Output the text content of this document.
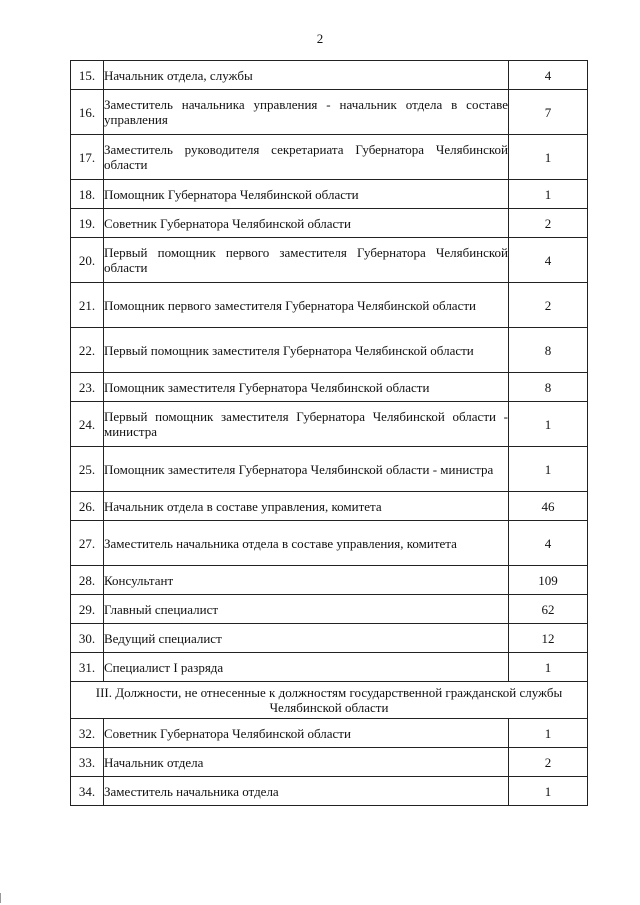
2
15.	Начальник отдела, службы	4
16.	Заместитель начальника управления - начальник отдела в составе управления	7
17.	Заместитель руководителя секретариата Губернатора Челябинской области	1
18.	Помощник Губернатора Челябинской области	1
19.	Советник Губернатора Челябинской области	2
20.	Первый помощник первого заместителя Губернатора Челябинской области	4
21.	Помощник первого заместителя Губернатора Челябинской области	2
22.	Первый помощник заместителя Губернатора Челябинской области	8
23.	Помощник заместителя Губернатора Челябинской области	8
24.	Первый помощник заместителя Губернатора Челябинской области - министра	1
25.	Помощник заместителя Губернатора Челябинской области - министра	1
26.	Начальник отдела в составе управления, комитета	46
27.	Заместитель начальника отдела в составе управления, комитета	4
28.	Консультант	109
29.	Главный специалист	62
30.	Ведущий специалист	12
31.	Специалист I разряда	1
III. Должности, не отнесенные к должностям государственной гражданской службы Челябинской области		
32.	Советник Губернатора Челябинской области	1
33.	Начальник отдела	2
34.	Заместитель начальника отдела	1
